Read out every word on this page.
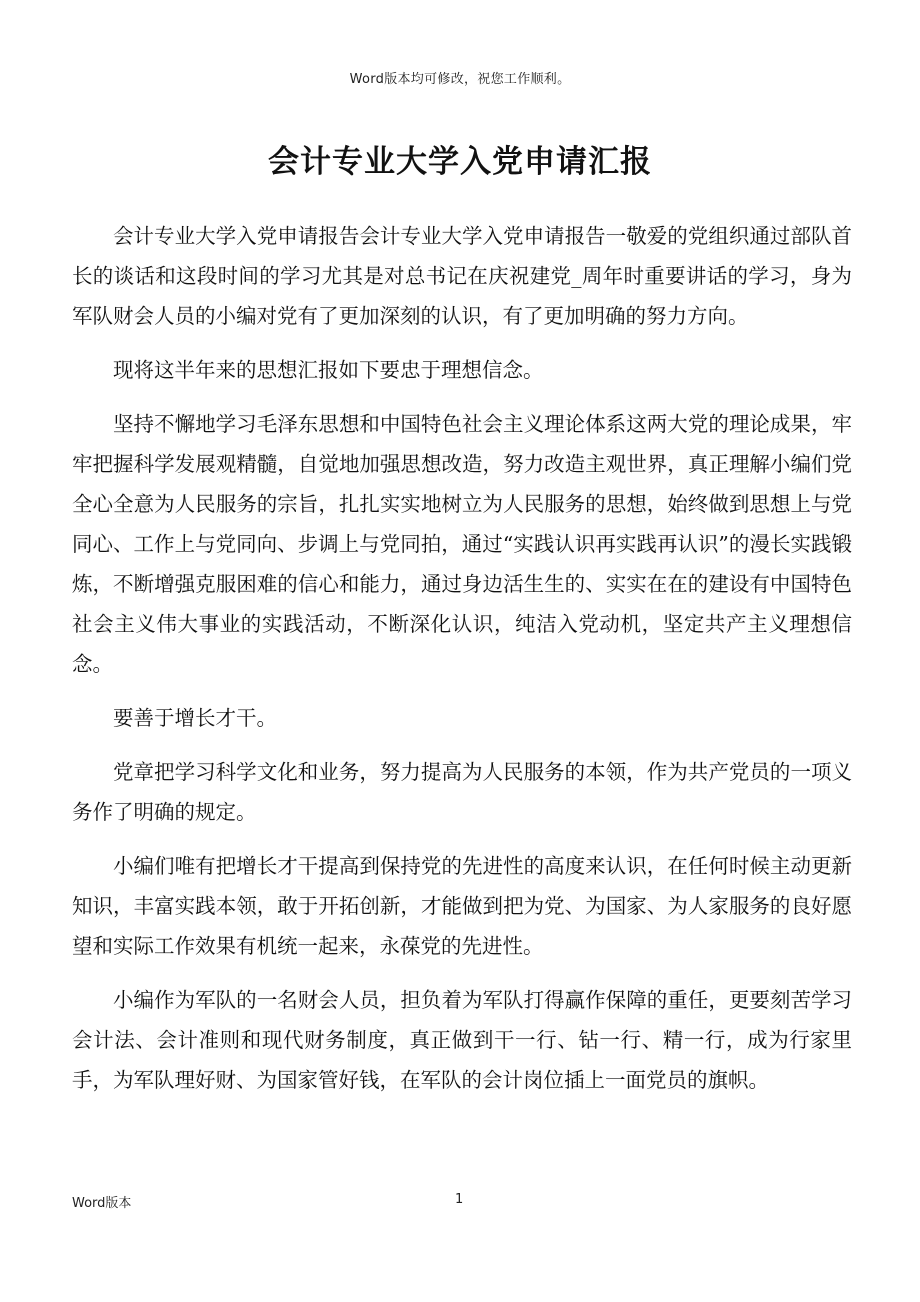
Word版本均可修改，祝您工作顺利。
会计专业大学入党申请汇报

会计专业大学入党申请报告会计专业大学入党申请报告一敬爱的党组织通过部队首长的谈话和这段时间的学习尤其是对总书记在庆祝建党_周年时重要讲话的学习，身为军队财会人员的小编对党有了更加深刻的认识，有了更加明确的努力方向。

现将这半年来的思想汇报如下要忠于理想信念。

坚持不懈地学习毛泽东思想和中国特色社会主义理论体系这两大党的理论成果，牢牢把握科学发展观精髓，自觉地加强思想改造，努力改造主观世界，真正理解小编们党全心全意为人民服务的宗旨，扎扎实实地树立为人民服务的思想，始终做到思想上与党同心、工作上与党同向、步调上与党同拍，通过“实践认识再实践再认识”的漫长实践锻炼，不断增强克服困难的信心和能力，通过身边活生生的、实实在在的建设有中国特色社会主义伟大事业的实践活动，不断深化认识，纯洁入党动机，坚定共产主义理想信念。

要善于增长才干。

党章把学习科学文化和业务，努力提高为人民服务的本领，作为共产党员的一项义务作了明确的规定。

小编们唯有把增长才干提高到保持党的先进性的高度来认识，在任何时候主动更新知识，丰富实践本领，敢于开拓创新，才能做到把为党、为国家、为人家服务的良好愿望和实际工作效果有机统一起来，永葆党的先进性。

小编作为军队的一名财会人员，担负着为军队打得赢作保障的重任，更要刻苦学习会计法、会计准则和现代财务制度，真正做到干一行、钻一行、精一行，成为行家里手，为军队理好财、为国家管好钱，在军队的会计岗位插上一面党员的旗帜。

Word版本	1
